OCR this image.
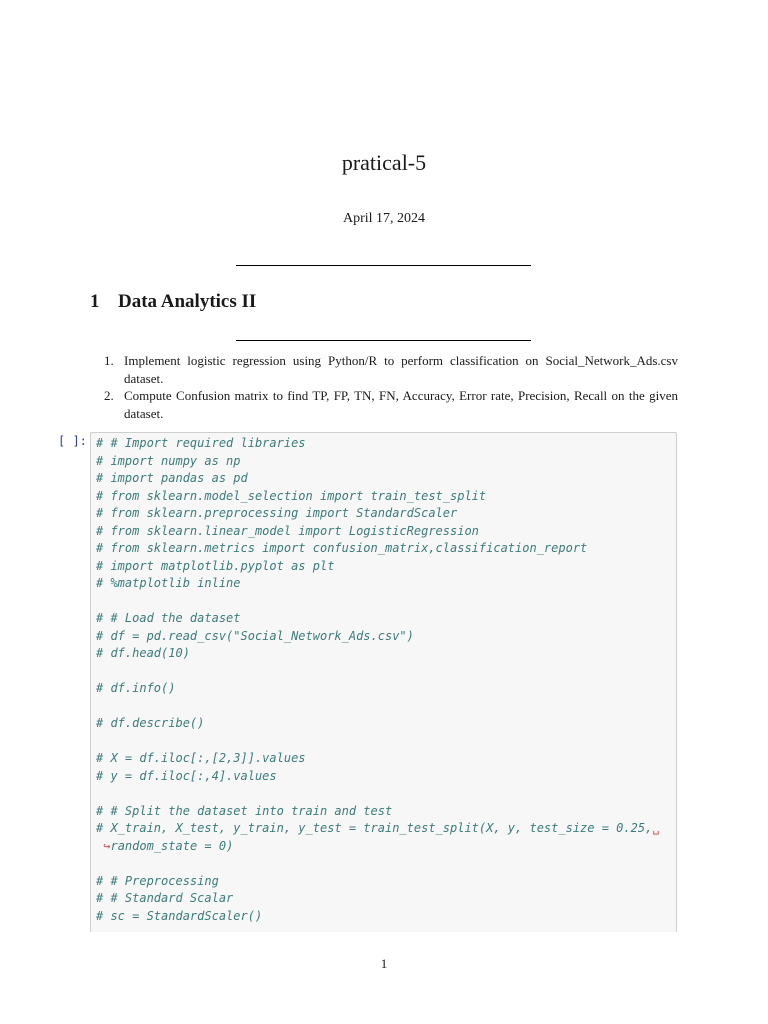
pratical-5
April 17, 2024
1 Data Analytics II
1. Implement logistic regression using Python/R to perform classification on Social_Network_Ads.csv dataset.
2. Compute Confusion matrix to find TP, FP, TN, FN, Accuracy, Error rate, Precision, Recall on the given dataset.
[ ]: # # Import required libraries
# import numpy as np
# import pandas as pd
# from sklearn.model_selection import train_test_split
# from sklearn.preprocessing import StandardScaler
# from sklearn.linear_model import LogisticRegression
# from sklearn.metrics import confusion_matrix,classification_report
# import matplotlib.pyplot as plt
# %matplotlib inline
# # Load the dataset
# df = pd.read_csv("Social_Network_Ads.csv")
# df.head(10)
# df.info()
# df.describe()
# X = df.iloc[:,[2,3]].values
# y = df.iloc[:,4].values
# # Split the dataset into train and test
# X_train, X_test, y_train, y_test = train_test_split(X, y, test_size = 0.25,␣
↪random_state = 0)
# # Preprocessing
# # Standard Scalar
# sc = StandardScaler()
1
